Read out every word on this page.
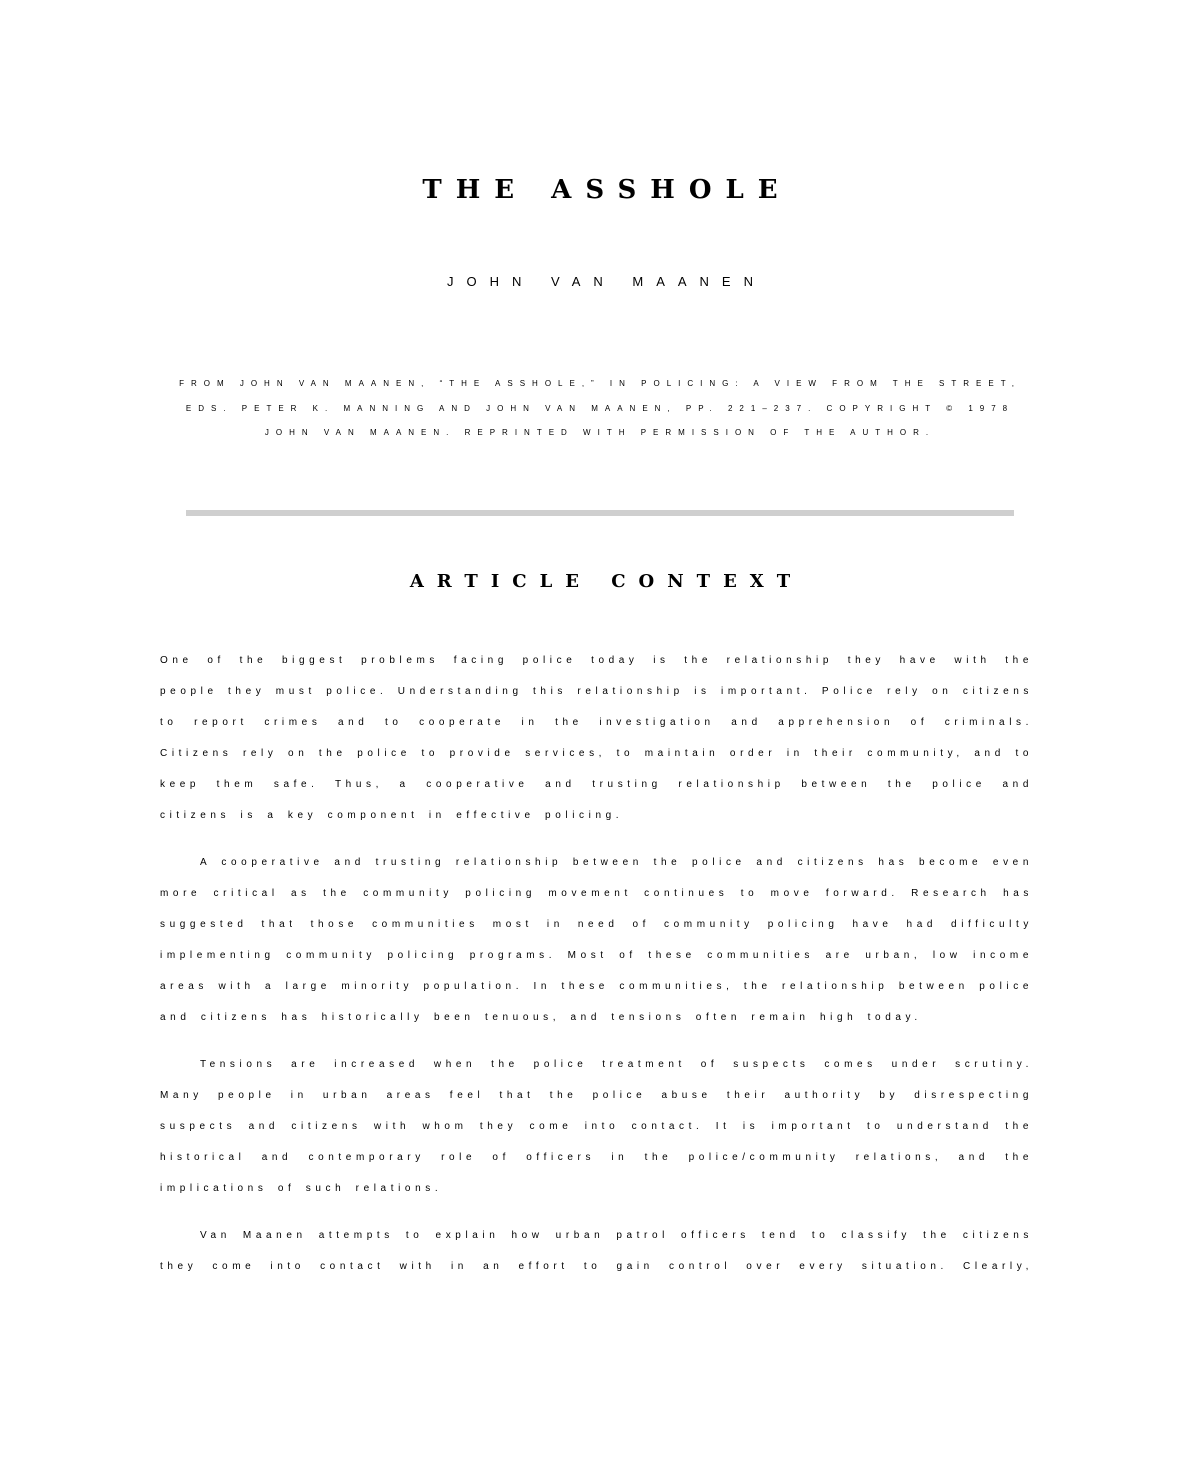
THE ASSHOLE
JOHN VAN MAANEN
FROM JOHN VAN MAANEN, “THE ASSHOLE,” IN POLICING: A VIEW FROM THE STREET, EDS. PETER K. MANNING AND JOHN VAN MAANEN, PP. 221–237. COPYRIGHT © 1978 JOHN VAN MAANEN. REPRINTED WITH PERMISSION OF THE AUTHOR.
ARTICLE CONTEXT

One of the biggest problems facing police today is the relationship they have with the people they must police. Understanding this relationship is important. Police rely on citizens to report crimes and to cooperate in the investigation and apprehension of criminals. Citizens rely on the police to provide services, to maintain order in their community, and to keep them safe. Thus, a cooperative and trusting relationship between the police and citizens is a key component in effective policing.

A cooperative and trusting relationship between the police and citizens has become even more critical as the community policing movement continues to move forward. Research has suggested that those communities most in need of community policing have had difficulty implementing community policing programs. Most of these communities are urban, low income areas with a large minority population. In these communities, the relationship between police and citizens has historically been tenuous, and tensions often remain high today.

Tensions are increased when the police treatment of suspects comes under scrutiny. Many people in urban areas feel that the police abuse their authority by disrespecting suspects and citizens with whom they come into contact. It is important to understand the historical and contemporary role of officers in the police/community relations, and the implications of such relations.

Van Maanen attempts to explain how urban patrol officers tend to classify the citizens they come into contact with in an effort to gain control over every situation. Clearly,
